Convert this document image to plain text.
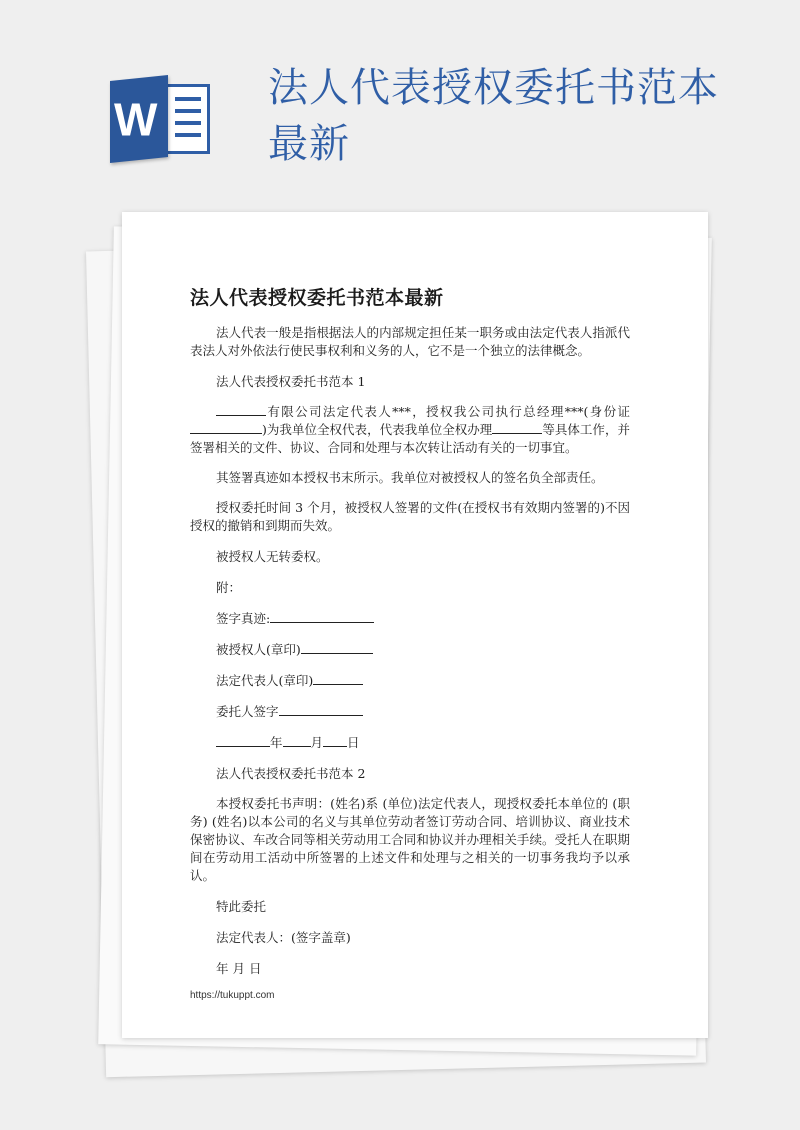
W
法人代表授权委托书范本最新
法人代表授权委托书范本最新

法人代表一般是指根据法人的内部规定担任某一职务或由法定代表人指派代表法人对外依法行使民事权利和义务的人，它不是一个独立的法律概念。

法人代表授权委托书范本 1

有限公司法定代表人***，授权我公司执行总经理***(身份证)为我单位全权代表，代表我单位全权办理	等具体工作，并签署相关的文件、协议、合同和处理与本次转让活动有关的一切事宜。

其签署真迹如本授权书末所示。我单位对被授权人的签名负全部责任。

授权委托时间 3 个月，被授权人签署的文件(在授权书有效期内签署的)不因授权的撤销和到期而失效。

被授权人无转委权。

附：

签字真迹:

被授权人(章印)

法定代表人(章印)

委托人签字

年 月 日

法人代表授权委托书范本 2

本授权委托书声明：(姓名)系 (单位)法定代表人，现授权委托本单位的 (职务) (姓名)以本公司的名义与其单位劳动者签订劳动合同、培训协议、商业技术保密协议、车改合同等相关劳动用工合同和协议并办理相关手续。受托人在职期间在劳动用工活动中所签署的上述文件和处理与之相关的一切事务我均予以承认。

特此委托

法定代表人：(签字盖章)

年 月 日

https://tukuppt.com
